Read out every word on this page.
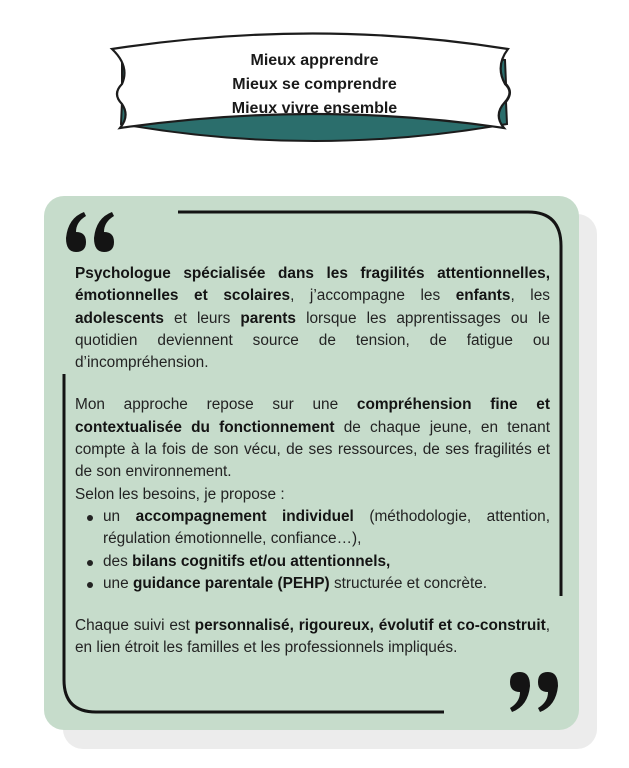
Mieux apprendre
Mieux se comprendre
Mieux vivre ensemble

Psychologue spécialisée dans les fragilités attentionnelles, émotionnelles et scolaires, j’accompagne les enfants, les adolescents et leurs parents lorsque les apprentissages ou le quotidien deviennent source de tension, de fatigue ou d’incompréhension.

Mon approche repose sur une compréhension fine et contextualisée du fonctionnement de chaque jeune, en tenant compte à la fois de son vécu, de ses ressources, de ses fragilités et de son environnement.

Selon les besoins, je propose :

un accompagnement individuel (méthodologie, attention, régulation émotionnelle, confiance…),
des bilans cognitifs et/ou attentionnels,
une guidance parentale (PEHP) structurée et concrète.

Chaque suivi est personnalisé, rigoureux, évolutif et co-construit, en lien étroit les familles et les professionnels impliqués.
